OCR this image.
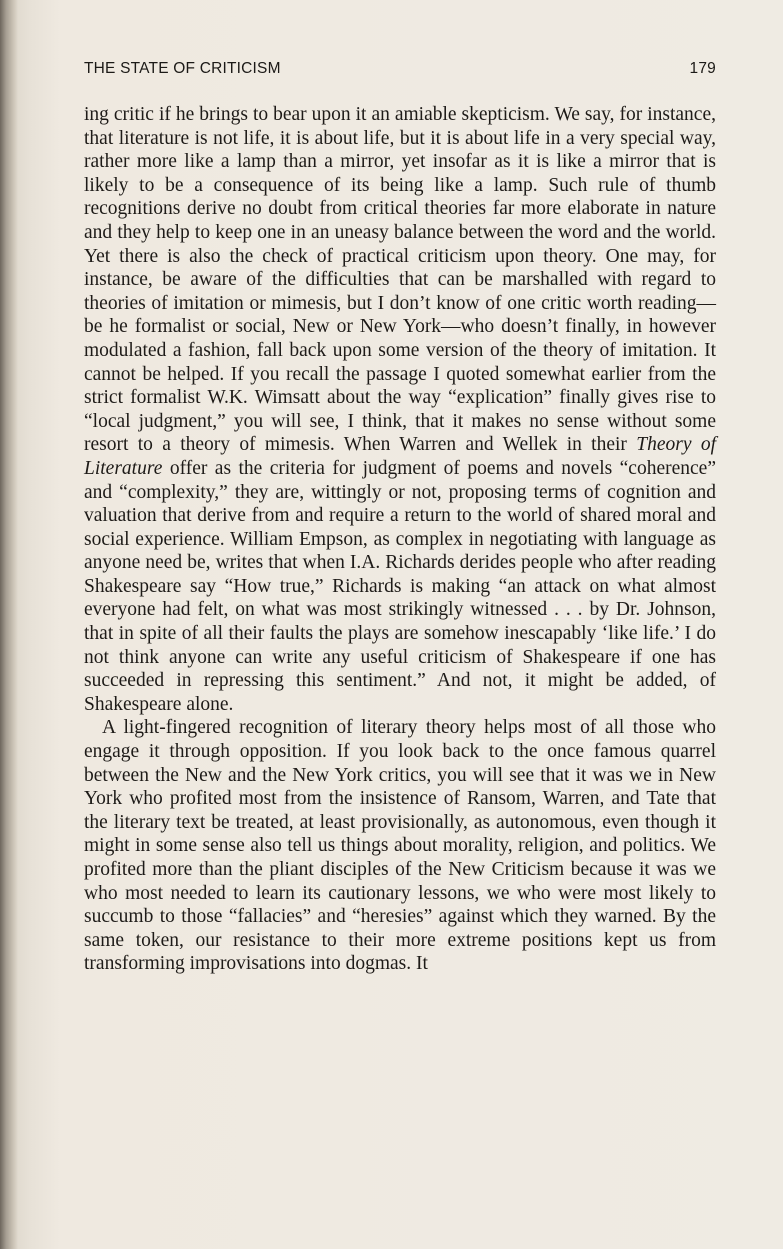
THE STATE OF CRITICISM	179

ing critic if he brings to bear upon it an amiable skepticism. We say, for instance, that literature is not life, it is about life, but it is about life in a very special way, rather more like a lamp than a mirror, yet insofar as it is like a mirror that is likely to be a consequence of its being like a lamp. Such rule of thumb recognitions derive no doubt from critical theories far more elaborate in nature and they help to keep one in an uneasy balance between the word and the world. Yet there is also the check of practical criticism upon theory. One may, for instance, be aware of the difficulties that can be marshalled with regard to theories of imitation or mimesis, but I don’t know of one critic worth reading—be he formalist or social, New or New York—who doesn’t finally, in however modulated a fashion, fall back upon some version of the theory of imitation. It cannot be helped. If you recall the passage I quoted somewhat earlier from the strict formalist W.K. Wimsatt about the way “explication” finally gives rise to “local judgment,” you will see, I think, that it makes no sense without some resort to a theory of mimesis. When Warren and Wellek in their Theory of Literature offer as the criteria for judgment of poems and novels “coherence” and “complexity,” they are, wittingly or not, proposing terms of cognition and valuation that derive from and require a return to the world of shared moral and social experience. William Empson, as complex in negotiating with language as anyone need be, writes that when I.A. Richards derides people who after reading Shakespeare say “How true,” Richards is making “an attack on what almost everyone had felt, on what was most strikingly witnessed . . . by Dr. Johnson, that in spite of all their faults the plays are somehow inescapably ‘like life.’ I do not think anyone can write any useful criticism of Shakespeare if one has succeeded in repressing this sentiment.” And not, it might be added, of Shakespeare alone.

A light-fingered recognition of literary theory helps most of all those who engage it through opposition. If you look back to the once famous quarrel between the New and the New York critics, you will see that it was we in New York who profited most from the insistence of Ransom, Warren, and Tate that the literary text be treated, at least provisionally, as autonomous, even though it might in some sense also tell us things about morality, religion, and politics. We profited more than the pliant disciples of the New Criticism because it was we who most needed to learn its cautionary lessons, we who were most likely to succumb to those “fallacies” and “heresies” against which they warned. By the same token, our resistance to their more extreme positions kept us from transforming improvisations into dogmas. It
